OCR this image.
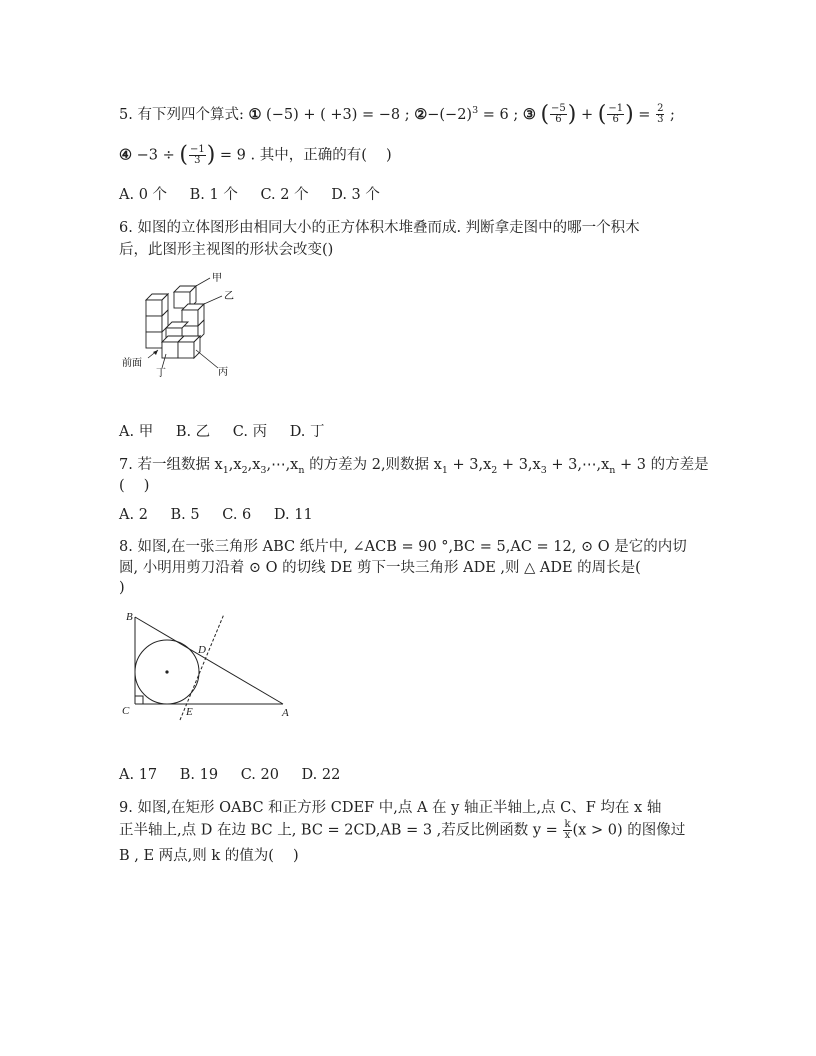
5. 有下列四个算式: ① (−5) + ( +3) = −8 ; $②-(-2)^3 = 6$ ; ③ ( $\frac{-5}{6}$ ) + ( $\frac{-1}{6}$ ) = $\frac{2}{3}$ ;
④ −3 ÷ ( $\frac{-1}{3}$ ) = 9 . 其中，正确的有(　 )
A. 0 个 B. 1 个 C. 2 个 D. 3 个
6. 如图的立体图形由相同大小的正方体积木堆叠而成. 判断拿走图中的哪一个积木
后，此图形主视图的形状会改变()
甲
乙
丙
丁
前面
A. 甲 B. 乙 C. 丙 D. 丁
7. 若一组数据 $x_1,x_2,x_3,\cdots,x_n$ 的方差为 2,则数据 $x_1 + 3,x_2 + 3,x_3$ + $3,\cdots,x_n + 3$ 的方差是
(　 )
A. 2 B. 5 C. 6 D. 11
8. 如图,在一张三角形 ABC 纸片中, ∠ACB = 90 °,BC = 5,AC = 12, ⊙ O 是它的内切
圆, 小明用剪刀沿着 ⊙ O 的切线 DE 剪下一块三角形 ADE ,则 △ ADE 的周长是(
)
B
C	A
D
E
A. 17 B. 19 C. 20 D. 22
9. 如图,在矩形 OABC 和正方形 CDEF 中,点 A 在 y 轴正半轴上,点 C、F 均在 x 轴
正半轴上,点 D 在边 BC 上, BC = 2CD,AB = 3 ,若反比例函数 $y = \frac{k}{x} (x > 0)$ 的图像过
B , E 两点,则 k 的值为(　 )
